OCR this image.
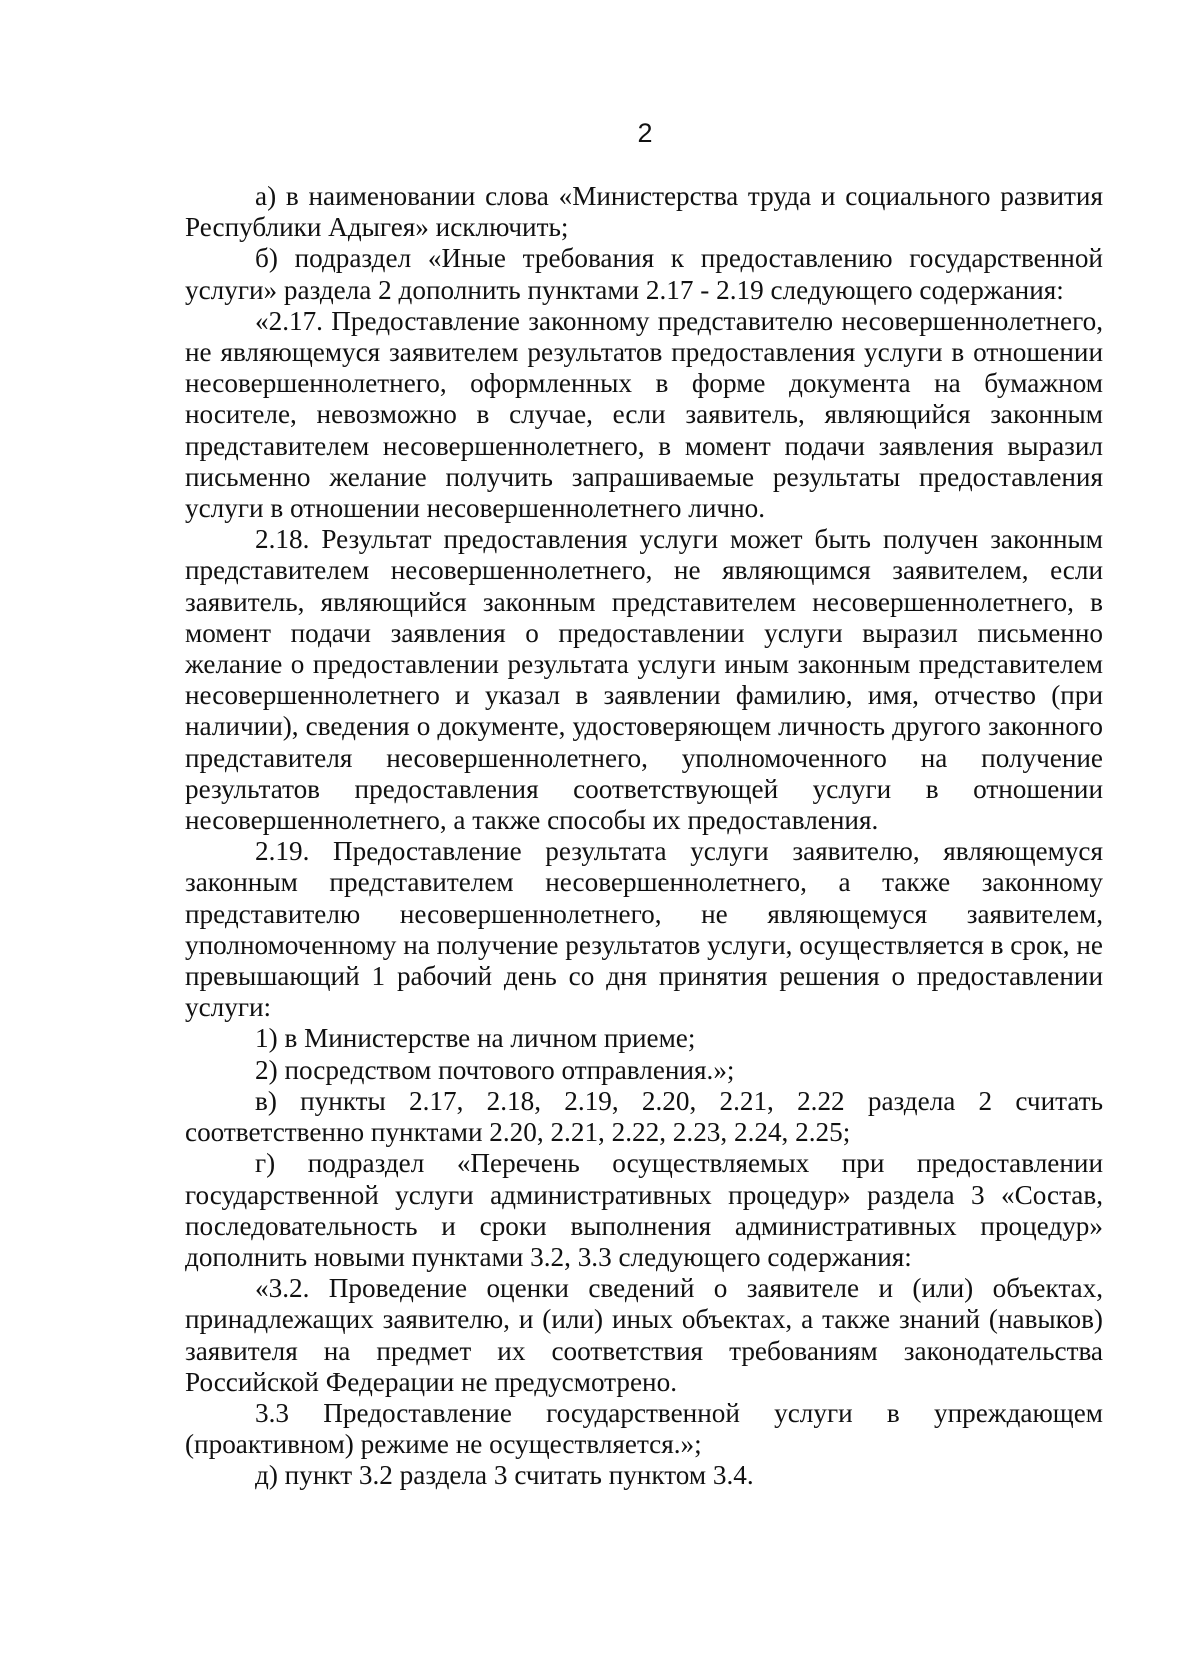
2

а) в наименовании слова «Министерства труда и социального развития Республики Адыгея» исключить;

б) подраздел «Иные требования к предоставлению государственной услуги» раздела 2 дополнить пунктами 2.17 - 2.19 следующего содержания:

«2.17. Предоставление законному представителю несовершеннолетнего, не являющемуся заявителем результатов предоставления услуги в отношении несовершеннолетнего, оформленных в форме документа на бумажном носителе, невозможно в случае, если заявитель, являющийся законным представителем несовершеннолетнего, в момент подачи заявления выразил письменно желание получить запрашиваемые результаты предоставления услуги в отношении несовершеннолетнего лично.

2.18. Результат предоставления услуги может быть получен законным представителем несовершеннолетнего, не являющимся заявителем, если заявитель, являющийся законным представителем несовершеннолетнего, в момент подачи заявления о предоставлении услуги выразил письменно желание о предоставлении результата услуги иным законным представителем несовершеннолетнего и указал в заявлении фамилию, имя, отчество (при наличии), сведения о документе, удостоверяющем личность другого законного представителя несовершеннолетнего, уполномоченного на получение результатов предоставления соответствующей услуги в отношении несовершеннолетнего, а также способы их предоставления.

2.19. Предоставление результата услуги заявителю, являющемуся законным представителем несовершеннолетнего, а также законному представителю несовершеннолетнего, не являющемуся заявителем, уполномоченному на получение результатов услуги, осуществляется в срок, не превышающий 1 рабочий день со дня принятия решения о предоставлении услуги:

1) в Министерстве на личном приеме;

2) посредством почтового отправления.»;

в) пункты 2.17, 2.18, 2.19, 2.20, 2.21, 2.22 раздела 2 считать соответственно пунктами 2.20, 2.21, 2.22, 2.23, 2.24, 2.25;

г) подраздел «Перечень осуществляемых при предоставлении государственной услуги административных процедур» раздела 3 «Состав, последовательность и сроки выполнения административных процедур» дополнить новыми пунктами 3.2, 3.3 следующего содержания:

«3.2. Проведение оценки сведений о заявителе и (или) объектах, принадлежащих заявителю, и (или) иных объектах, а также знаний (навыков) заявителя на предмет их соответствия требованиям законодательства Российской Федерации не предусмотрено.

3.3 Предоставление государственной услуги в упреждающем (проактивном) режиме не осуществляется.»;

д) пункт 3.2 раздела 3 считать пунктом 3.4.
